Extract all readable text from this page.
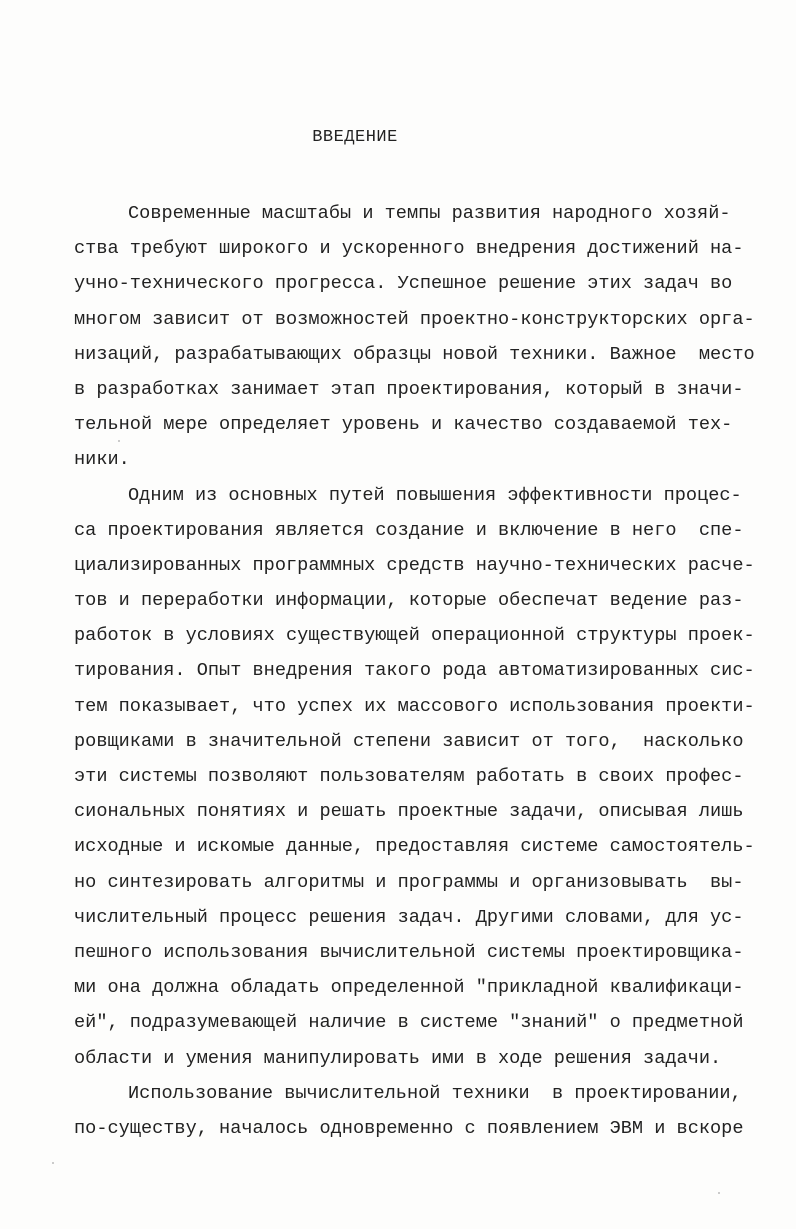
ВВЕДЕНИЕ
Современные масштабы и темпы развития народного хозяй-
ства требуют широкого и ускоренного внедрения достижений на-
учно-технического прогресса. Успешное решение этих задач во
многом зависит от возможностей проектно-конструкторских орга-
низаций, разрабатывающих образцы новой техники. Важное  место
в разработках занимает этап проектирования, который в значи-
тельной мере определяет уровень и качество создаваемой тех-
ники.
Одним из основных путей повышения эффективности процес-
са проектирования является создание и включение в него  спе-
циализированных программных средств научно-технических расче-
тов и переработки информации, которые обеспечат ведение раз-
работок в условиях существующей операционной структуры проек-
тирования. Опыт внедрения такого рода автоматизированных сис-
тем показывает, что успех их массового использования проекти-
ровщиками в значительной степени зависит от того,  насколько
эти системы позволяют пользователям работать в своих профес-
сиональных понятиях и решать проектные задачи, описывая лишь
исходные и искомые данные, предоставляя системе самостоятель-
но синтезировать алгоритмы и программы и организовывать  вы-
числительный процесс решения задач. Другими словами, для ус-
пешного использования вычислительной системы проектировщика-
ми она должна обладать определенной "прикладной квалификаци-
ей", подразумевающей наличие в системе "знаний" о предметной
области и умения манипулировать ими в ходе решения задачи.
Использование вычислительной техники  в проектировании,
по-существу, началось одновременно с появлением ЭВМ и вскоре
